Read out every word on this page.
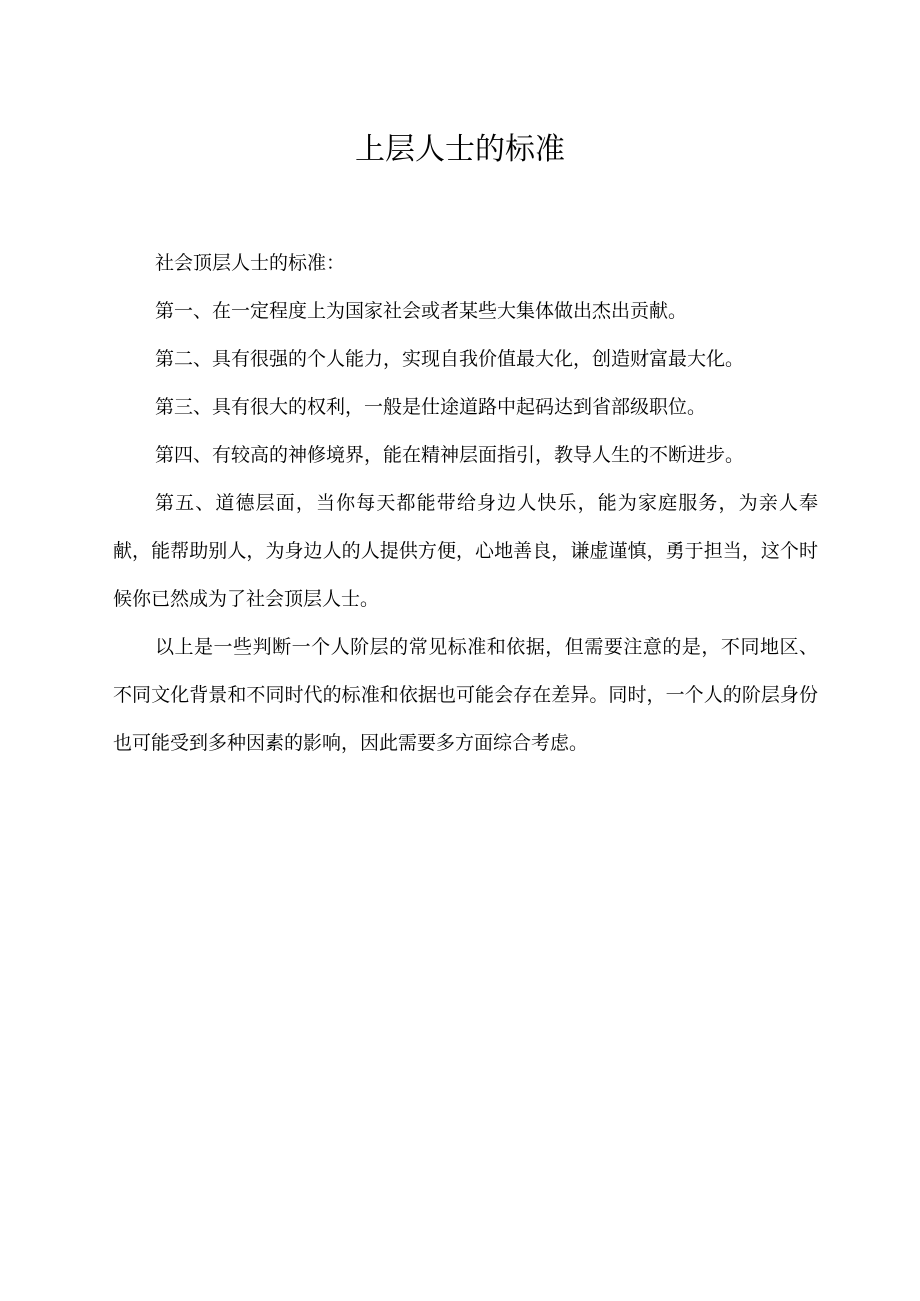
上层人士的标准

社会顶层人士的标准：

第一、在一定程度上为国家社会或者某些大集体做出杰出贡献。

第二、具有很强的个人能力，实现自我价值最大化，创造财富最大化。

第三、具有很大的权利，一般是仕途道路中起码达到省部级职位。

第四、有较高的神修境界，能在精神层面指引，教导人生的不断进步。

第五、道德层面，当你每天都能带给身边人快乐，能为家庭服务，为亲人奉献，能帮助别人，为身边人的人提供方便，心地善良，谦虚谨慎，勇于担当，这个时候你已然成为了社会顶层人士。

以上是一些判断一个人阶层的常见标准和依据，但需要注意的是，不同地区、不同文化背景和不同时代的标准和依据也可能会存在差异。同时，一个人的阶层身份也可能受到多种因素的影响，因此需要多方面综合考虑。
